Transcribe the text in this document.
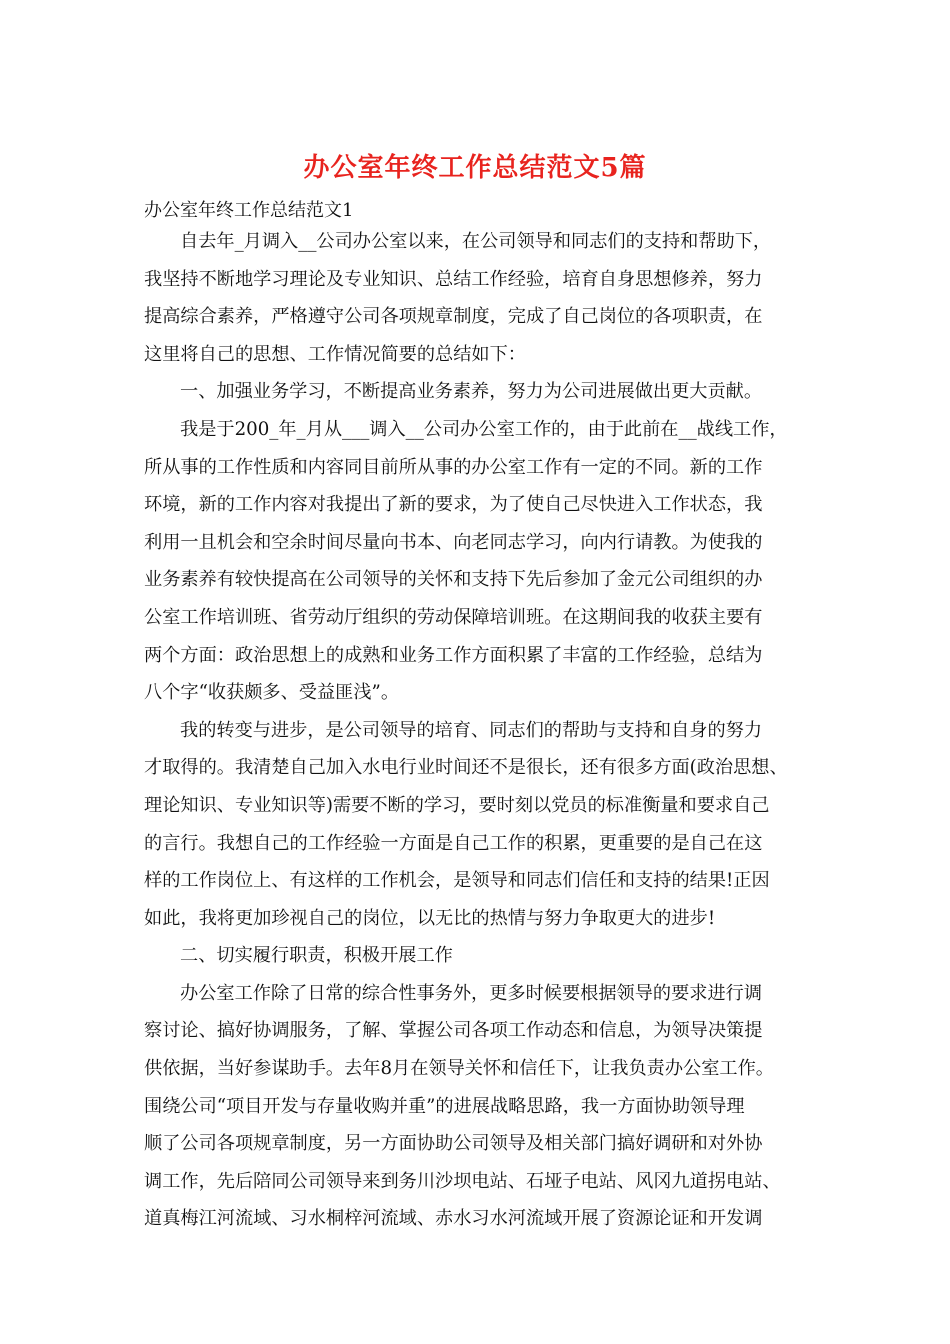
办公室年终工作总结范文5篇
办公室年终工作总结范文1
自去年_月调入__公司办公室以来，在公司领导和同志们的支持和帮助下，
我坚持不断地学习理论及专业知识、总结工作经验，培育自身思想修养，努力
提高综合素养，严格遵守公司各项规章制度，完成了自己岗位的各项职责，在
这里将自己的思想、工作情况简要的总结如下：
一、加强业务学习，不断提高业务素养，努力为公司进展做出更大贡献。
我是于200_年_月从___调入__公司办公室工作的，由于此前在__战线工作，
所从事的工作性质和内容同目前所从事的办公室工作有一定的不同。新的工作
环境，新的工作内容对我提出了新的要求，为了使自己尽快进入工作状态，我
利用一且机会和空余时间尽量向书本、向老同志学习，向内行请教。为使我的
业务素养有较快提高在公司领导的关怀和支持下先后参加了金元公司组织的办
公室工作培训班、省劳动厅组织的劳动保障培训班。在这期间我的收获主要有
两个方面：政治思想上的成熟和业务工作方面积累了丰富的工作经验，总结为
八个字“收获颇多、受益匪浅”。
我的转变与进步，是公司领导的培育、同志们的帮助与支持和自身的努力
才取得的。我清楚自己加入水电行业时间还不是很长，还有很多方面(政治思想、
理论知识、专业知识等)需要不断的学习，要时刻以党员的标准衡量和要求自己
的言行。我想自己的工作经验一方面是自己工作的积累，更重要的是自己在这
样的工作岗位上、有这样的工作机会，是领导和同志们信任和支持的结果!正因
如此，我将更加珍视自己的岗位，以无比的热情与努力争取更大的进步!
二、切实履行职责，积极开展工作
办公室工作除了日常的综合性事务外，更多时候要根据领导的要求进行调
察讨论、搞好协调服务，了解、掌握公司各项工作动态和信息，为领导决策提
供依据，当好参谋助手。去年8月在领导关怀和信任下，让我负责办公室工作。
围绕公司“项目开发与存量收购并重”的进展战略思路，我一方面协助领导理
顺了公司各项规章制度，另一方面协助公司领导及相关部门搞好调研和对外协
调工作，先后陪同公司领导来到务川沙坝电站、石垭子电站、风冈九道拐电站、
道真梅江河流域、习水桐梓河流域、赤水习水河流域开展了资源论证和开发调
